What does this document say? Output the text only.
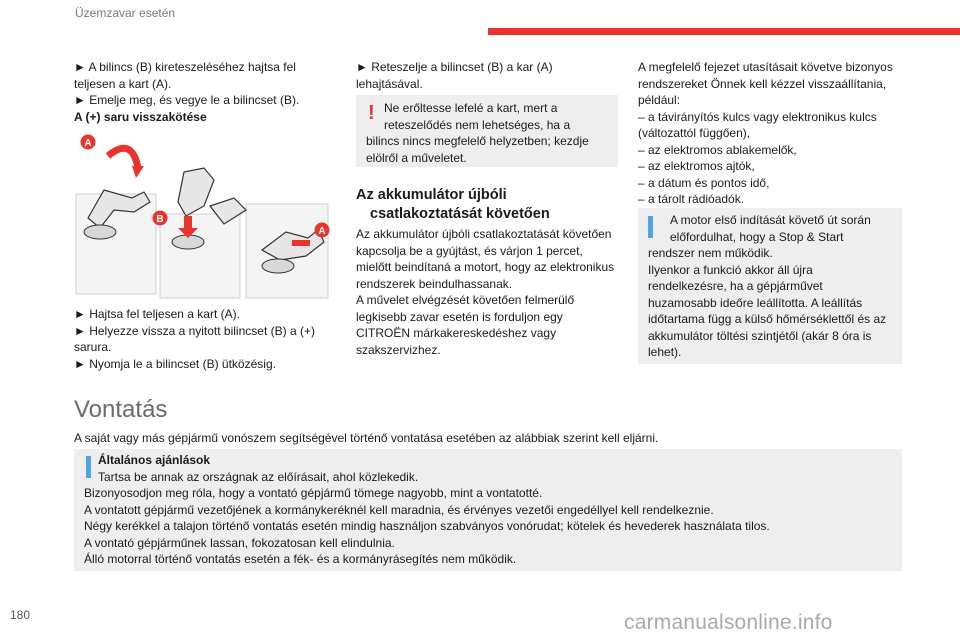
Üzemzavar esetén

► A bilincs (B) kireteszeléséhez hajtsa fel

teljesen a kart (A).

► Emelje meg, és vegye le a bilincset (B).

A (+) saru visszakötése

A
B
A

► Hajtsa fel teljesen a kart (A).

► Helyezze vissza a nyitott bilincset (B) a (+)

sarura.

► Nyomja le a bilincset (B) ütközésig.

► Reteszelje a bilincset (B) a kar (A)

lehajtásával.

! Ne erőltesse lefelé a kart, mert a

reteszelődés nem lehetséges, ha a

bilincs nincs megfelelő helyzetben; kezdje

elölről a műveletet.

Az akkumulátor újbóli
csatlakoztatását követően

Az akkumulátor újbóli csatlakoztatását követően

kapcsolja be a gyújtást, és várjon 1 percet,

mielőtt beindítaná a motort, hogy az elektronikus

rendszerek beindulhassanak.

A művelet elvégzését követően felmerülő

legkisebb zavar esetén is forduljon egy

CITROËN márkakereskedéshez vagy

szakszervizhez.

A megfelelő fejezet utasításait követve bizonyos

rendszereket Önnek kell kézzel visszaállítania,

például:

– a távirányítós kulcs vagy elektronikus kulcs

(változattól függően),

– az elektromos ablakemelők,

– az elektromos ajtók,

– a dátum és pontos idő,

– a tárolt rádióadók.

A motor első indítását követő út során

előfordulhat, hogy a Stop & Start

rendszer nem működik.

Ilyenkor a funkció akkor áll újra

rendelkezésre, ha a gépjárművet

huzamosabb ideőre leállította. A leállítás

időtartama függ a külső hőmérséklettől és az

akkumulátor töltési szintjétől (akár 8 óra is

lehet).

Vontatás
A saját vagy más gépjármű vonószem segítségével történő vontatása esetében az alábbiak szerint kell eljárni.

Általános ajánlások

Tartsa be annak az országnak az előírásait, ahol közlekedik.

Bizonyosodjon meg róla, hogy a vontató gépjármű tömege nagyobb, mint a vontatotté.

A vontatott gépjármű vezetőjének a kormánykeréknél kell maradnia, és érvényes vezetői engedéllyel kell rendelkeznie.

Négy kerékkel a talajon történő vontatás esetén mindig használjon szabványos vonórudat; kötelek és hevederek használata tilos.

A vontató gépjárműnek lassan, fokozatosan kell elindulnia.

Álló motorral történő vontatás esetén a fék- és a kormányrásegítés nem működik.

180	carmanualsonline.info
